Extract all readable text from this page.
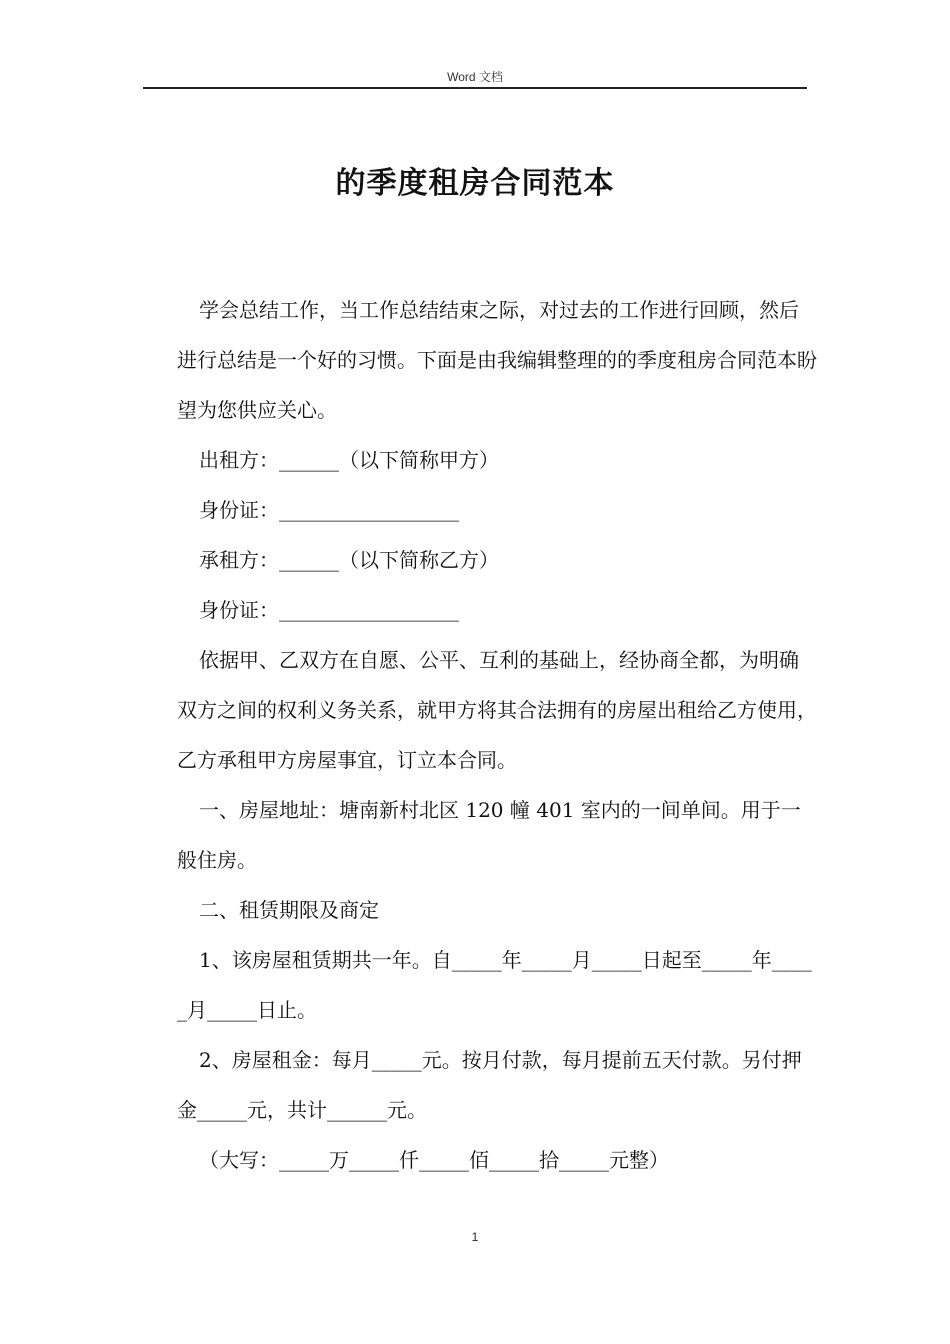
Word 文档
的季度租房合同范本

学会总结工作，当工作总结结束之际，对过去的工作进行回顾，然后进行总结是一个好的习惯。下面是由我编辑整理的的季度租房合同范本盼望为您供应关心。

出租方：______（以下简称甲方）

身份证：__________________

承租方：______（以下简称乙方）

身份证：__________________

依据甲、乙双方在自愿、公平、互利的基础上，经协商全都，为明确双方之间的权利义务关系，就甲方将其合法拥有的房屋出租给乙方使用，乙方承租甲方房屋事宜，订立本合同。

一、房屋地址：塘南新村北区 120 幢 401 室内的一间单间。用于一般住房。

二、租赁期限及商定

1、该房屋租赁期共一年。自_____年_____月_____日起至_____年_____月_____日止。

2、房屋租金：每月_____元。按月付款，每月提前五天付款。另付押金_____元，共计______元。

（大写：_____万_____仟_____佰_____拾_____元整）

1
